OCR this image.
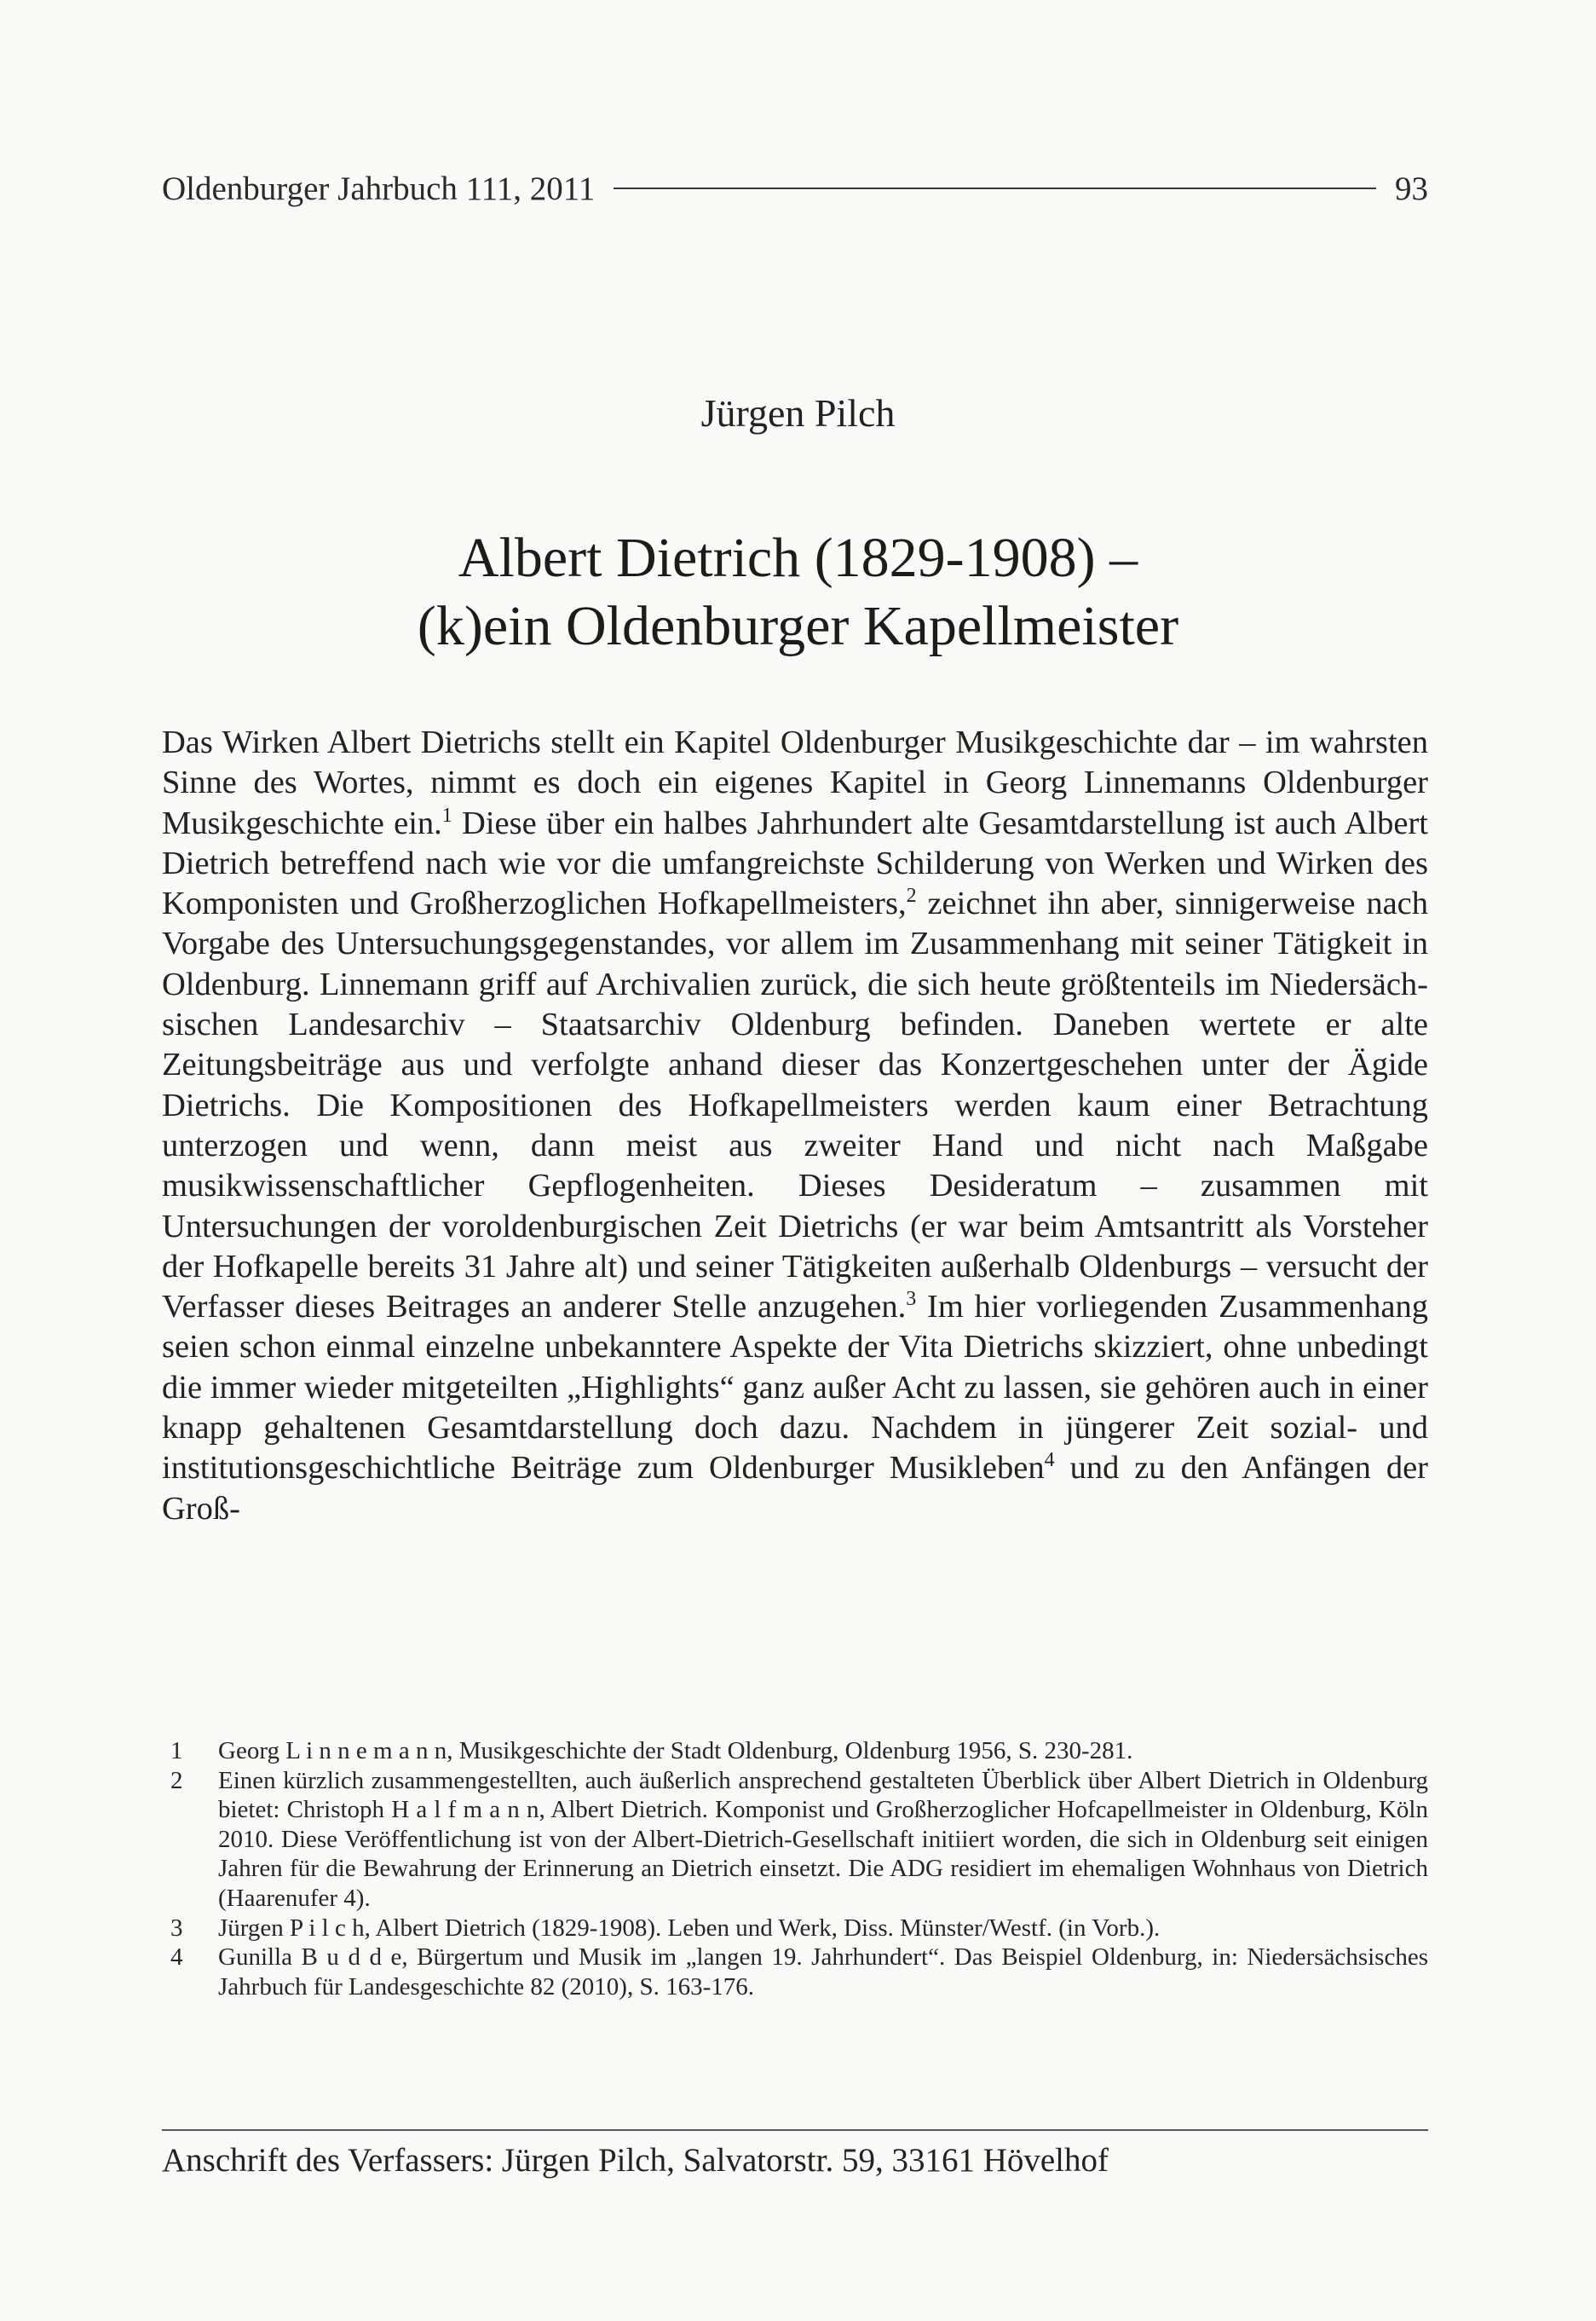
Oldenburger Jahrbuch 111, 2011	93
Jürgen Pilch
Albert Dietrich (1829-1908) –
(k)ein Oldenburger Kapellmeister

Das Wirken Albert Dietrichs stellt ein Kapitel Oldenburger Musikgeschichte dar – im wahrsten Sinne des Wortes, nimmt es doch ein eigenes Kapitel in Georg Linnemanns Oldenburger Musikgeschichte ein.$^1$ Diese über ein halbes Jahrhundert alte Gesamtdarstellung ist auch Albert Dietrich betreffend nach wie vor die umfangreichste Schilderung von Werken und Wirken des Komponisten und Großherzoglichen Hofkapellmeisters,$^2$ zeichnet ihn aber, sinnigerweise nach Vorgabe des Untersuchungsgegenstandes, vor allem im Zusammenhang mit seiner Tätigkeit in Oldenburg. Linnemann griff auf Archivalien zurück, die sich heute größtenteils im Niedersächsischen Landesarchiv – Staatsarchiv Oldenburg befinden. Daneben wertete er alte Zeitungsbeiträge aus und verfolgte anhand dieser das Konzertgeschehen unter der Ägide Dietrichs. Die Kompositionen des Hofkapellmeisters werden kaum einer Betrachtung unterzogen und wenn, dann meist aus zweiter Hand und nicht nach Maßgabe musikwissenschaftlicher Gepflogenheiten. Dieses Desideratum – zusammen mit Untersuchungen der voroldenburgischen Zeit Dietrichs (er war beim Amtsantritt als Vorsteher der Hofkapelle bereits 31 Jahre alt) und seiner Tätigkeiten außerhalb Oldenburgs – versucht der Verfasser dieses Beitrages an anderer Stelle anzugehen.$^3$ Im hier vorliegenden Zusammenhang seien schon einmal einzelne unbekanntere Aspekte der Vita Dietrichs skizziert, ohne unbedingt die immer wieder mitgeteilten „Highlights“ ganz außer Acht zu lassen, sie gehören auch in einer knapp gehaltenen Gesamtdarstellung doch dazu. Nachdem in jüngerer Zeit sozial- und institutionsgeschichtliche Beiträge zum Oldenburger Musikleben$^4$ und zu den Anfängen der Groß-

1	Georg L i n n e m a n n, Musikgeschichte der Stadt Oldenburg, Oldenburg 1956, S. 230-281.
2	Einen kürzlich zusammengestellten, auch äußerlich ansprechend gestalteten Überblick über Albert Dietrich in Oldenburg bietet: Christoph H a l f m a n n, Albert Dietrich. Komponist und Großherzoglicher Hofcapellmeister in Oldenburg, Köln 2010. Diese Veröffentlichung ist von der Albert-Dietrich-Gesellschaft initiiert worden, die sich in Oldenburg seit einigen Jahren für die Bewahrung der Erinnerung an Dietrich einsetzt. Die ADG residiert im ehemaligen Wohnhaus von Dietrich (Haarenufer 4).
3	Jürgen P i l c h, Albert Dietrich (1829-1908). Leben und Werk, Diss. Münster/Westf. (in Vorb.).
4	Gunilla B u d d e, Bürgertum und Musik im „langen 19. Jahrhundert“. Das Beispiel Oldenburg, in: Niedersächsisches Jahrbuch für Landesgeschichte 82 (2010), S. 163-176.
Anschrift des Verfassers: Jürgen Pilch, Salvatorstr. 59, 33161 Hövelhof
